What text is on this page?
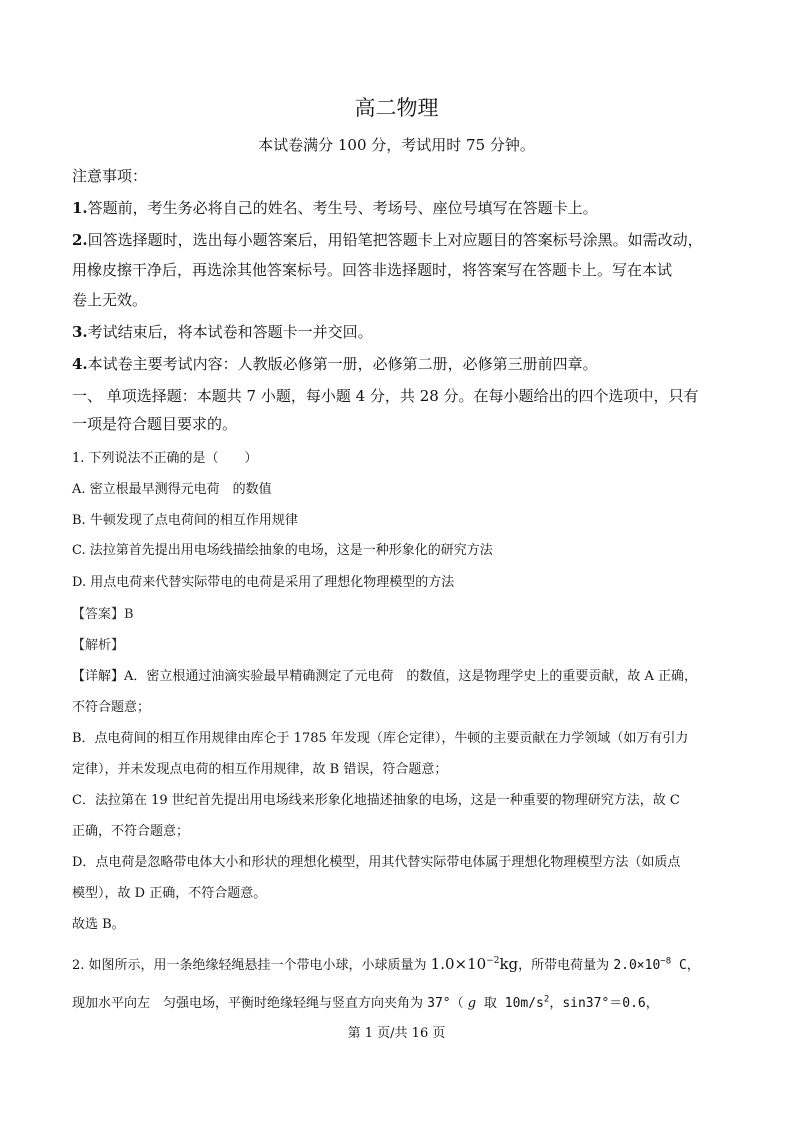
高二物理
本试卷满分 100 分，考试用时 75 分钟。
注意事项：
1.答题前，考生务必将自己的姓名、考生号、考场号、座位号填写在答题卡上。
2.回答选择题时，选出每小题答案后，用铅笔把答题卡上对应题目的答案标号涂黑。如需改动，
用橡皮擦干净后，再选涂其他答案标号。回答非选择题时，将答案写在答题卡上。写在本试
卷上无效。
3.考试结束后，将本试卷和答题卡一并交回。
4.本试卷主要考试内容：人教版必修第一册，必修第二册，必修第三册前四章。
一、 单项选择题：本题共 7 小题，每小题 4 分，共 28 分。在每小题给出的四个选项中，只有
一项是符合题目要求的。
1. 下列说法不正确的是（　　）
A. 密立根最早测得元电荷　的数值
B. 牛顿发现了点电荷间的相互作用规律
C. 法拉第首先提出用电场线描绘抽象的电场，这是一种形象化的研究方法
D. 用点电荷来代替实际带电的电荷是采用了理想化物理模型的方法
【答案】B
【解析】
【详解】A．密立根通过油滴实验最早精确测定了元电荷　的数值，这是物理学史上的重要贡献，故 A 正确，
不符合题意；
B．点电荷间的相互作用规律由库仑于 1785 年发现（库仑定律），牛顿的主要贡献在力学领域（如万有引力
定律），并未发现点电荷的相互作用规律，故 B 错误，符合题意；
C．法拉第在 19 世纪首先提出用电场线来形象化地描述抽象的电场，这是一种重要的物理研究方法，故 C
正确，不符合题意；
D．点电荷是忽略带电体大小和形状的理想化模型，用其代替实际带电体属于理想化物理模型方法（如质点
模型），故 D 正确，不符合题意。
故选 B。
2. 如图所示，用一条绝缘轻绳悬挂一个带电小球，小球质量为 $1.0\times 10^{-2}kg$，所带电荷量为 $2.0\times 10^{-8}$ C，
现加水平向左　匀强电场，平衡时绝缘轻绳与竖直方向夹角为 37°（ g 取 $10m/s^2$，sin37°＝0.6，
第 1 页/共 16 页
